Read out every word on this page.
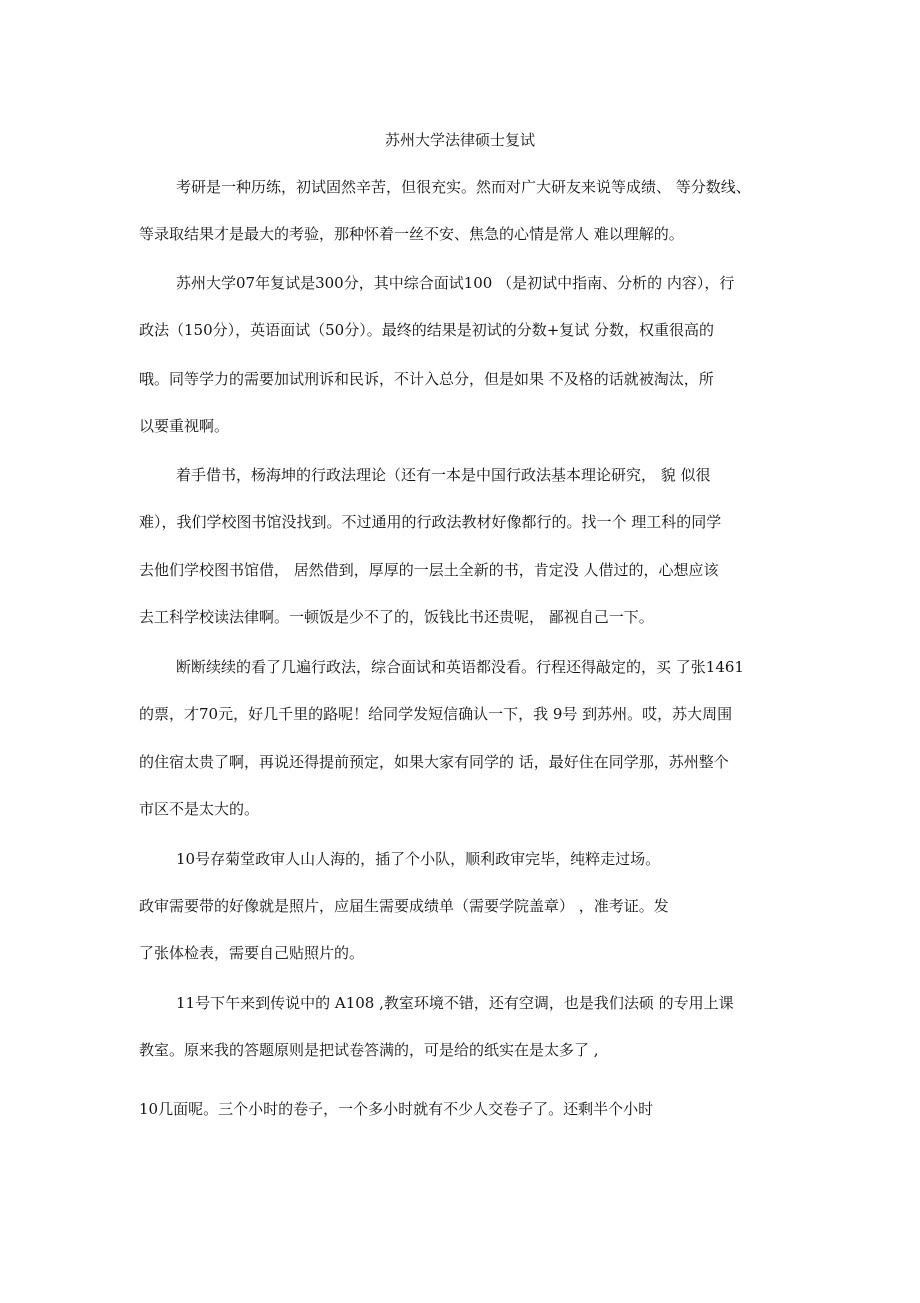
苏州大学法律硕士复试
考研是一种历练，初试固然辛苦，但很充实。然而对广大研友来说等成绩、 等分数线、
等录取结果才是最大的考验，那种怀着一丝不安、焦急的心情是常人 难以理解的。
苏州大学07年复试是300分，其中综合面试100 （是初试中指南、分析的 内容），行
政法（150分），英语面试（50分）。最终的结果是初试的分数+复试 分数，权重很高的
哦。同等学力的需要加试刑诉和民诉，不计入总分，但是如果 不及格的话就被淘汰，所
以要重视啊。
着手借书，杨海坤的行政法理论（还有一本是中国行政法基本理论研究， 貌 似很
难），我们学校图书馆没找到。不过通用的行政法教材好像都行的。找一个 理工科的同学
去他们学校图书馆借， 居然借到，厚厚的一层土全新的书，肯定没 人借过的，心想应该
去工科学校读法律啊。一顿饭是少不了的，饭钱比书还贵呢， 鄙视自己一下。
断断续续的看了几遍行政法，综合面试和英语都没看。行程还得敲定的，买 了张1461
的票，才70元，好几千里的路呢！给同学发短信确认一下，我 9号 到苏州。哎，苏大周围
的住宿太贵了啊，再说还得提前预定，如果大家有同学的 话，最好住在同学那，苏州整个
市区不是太大的。
10号存菊堂政审人山人海的，插了个小队，顺利政审完毕，纯粹走过场。
政审需要带的好像就是照片，应届生需要成绩单（需要学院盖章） ，准考证。发
了张体检表，需要自己贴照片的。
11号下午来到传说中的 A108 ,教室环境不错，还有空调，也是我们法硕 的专用上课
教室。原来我的答题原则是把试卷答满的，可是给的纸实在是太多了 ,
10几面呢。三个小时的卷子，一个多小时就有不少人交卷子了。还剩半个小时
